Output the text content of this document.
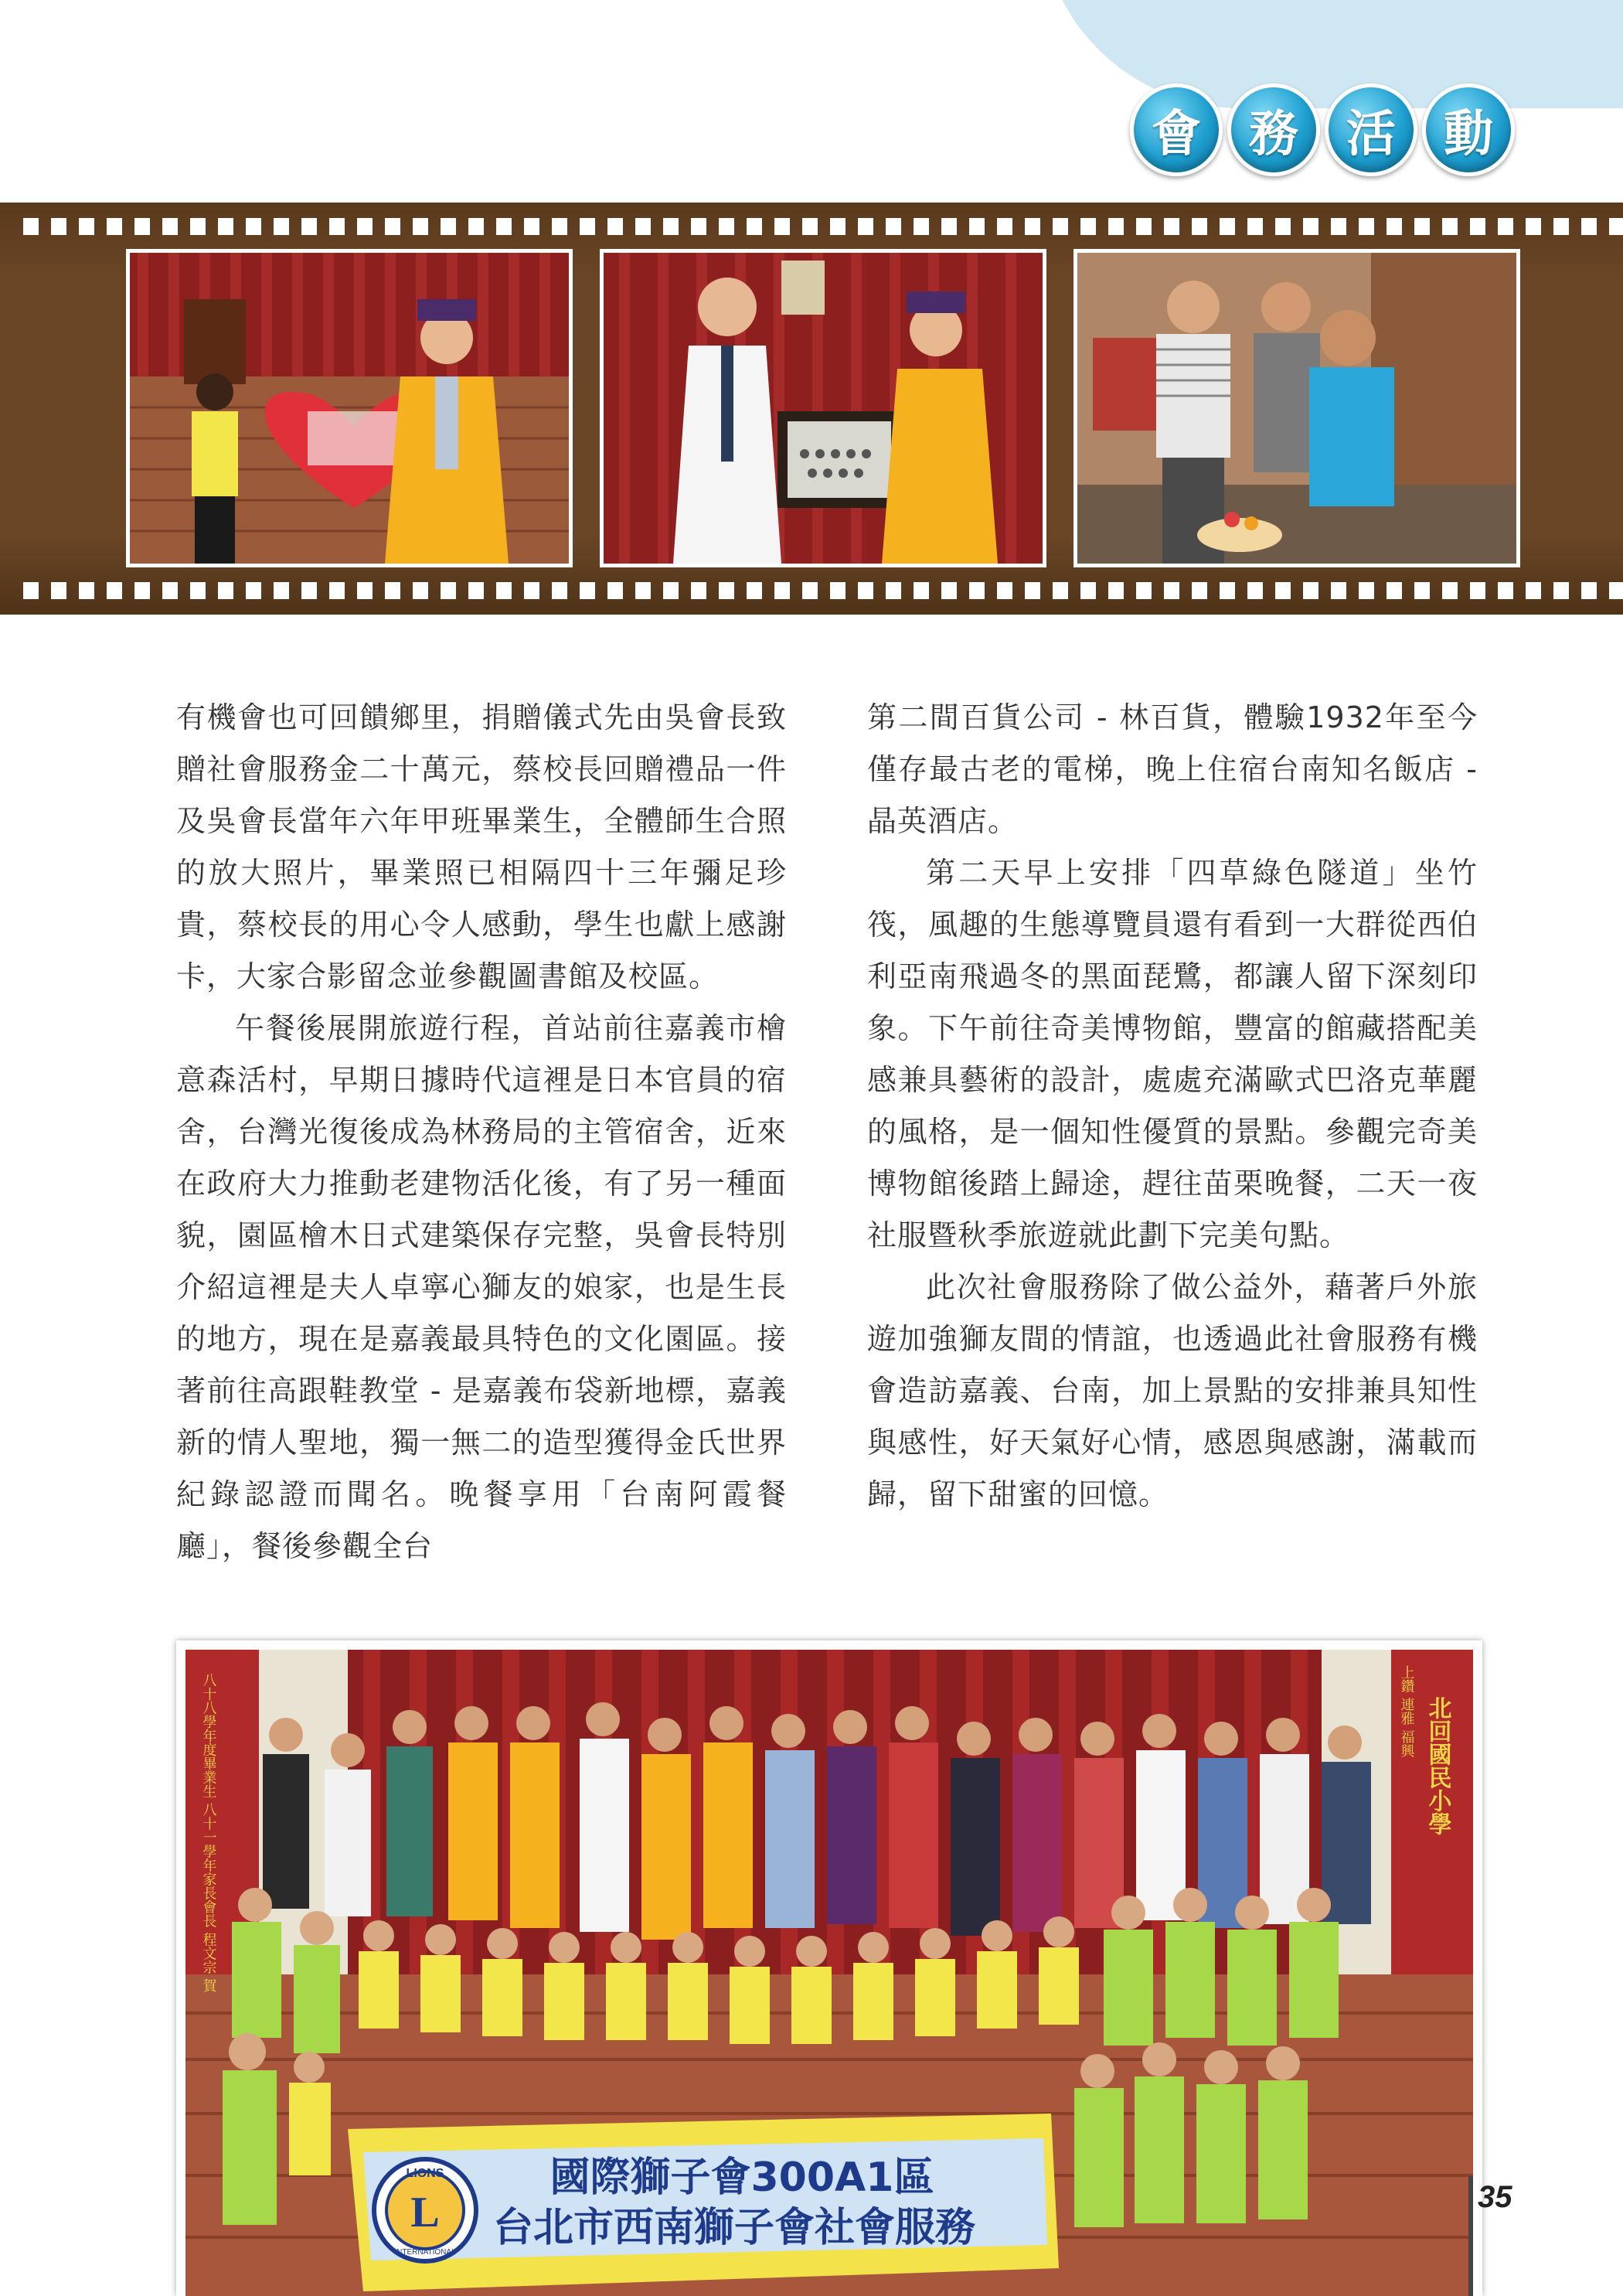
會 務 活 動

有機會也可回饋鄉里，捐贈儀式先由吳會長致贈社會服務金二十萬元，蔡校長回贈禮品一件及吳會長當年六年甲班畢業生，全體師生合照的放大照片，畢業照已相隔四十三年彌足珍貴，蔡校長的用心令人感動，學生也獻上感謝卡，大家合影留念並參觀圖書館及校區。

午餐後展開旅遊行程，首站前往嘉義市檜意森活村，早期日據時代這裡是日本官員的宿舍，台灣光復後成為林務局的主管宿舍，近來在政府大力推動老建物活化後，有了另一種面貌，園區檜木日式建築保存完整，吳會長特別介紹這裡是夫人卓寧心獅友的娘家，也是生長的地方，現在是嘉義最具特色的文化園區。接著前往高跟鞋教堂 - 是嘉義布袋新地標，嘉義新的情人聖地，獨一無二的造型獲得金氏世界紀錄認證而聞名。晚餐享用「台南阿霞餐廳」，餐後參觀全台

第二間百貨公司 - 林百貨，體驗1932年至今僅存最古老的電梯，晚上住宿台南知名飯店 - 晶英酒店。

第二天早上安排「四草綠色隧道」坐竹筏，風趣的生態導覽員還有看到一大群從西伯利亞南飛過冬的黑面琵鷺，都讓人留下深刻印象。下午前往奇美博物館，豐富的館藏搭配美感兼具藝術的設計，處處充滿歐式巴洛克華麗的風格，是一個知性優質的景點。參觀完奇美博物館後踏上歸途，趕往苗栗晚餐，二天一夜社服暨秋季旅遊就此劃下完美句點。

此次社會服務除了做公益外，藉著戶外旅遊加強獅友間的情誼，也透過此社會服務有機會造訪嘉義、台南，加上景點的安排兼具知性與感性，好天氣好心情，感恩與感謝，滿載而歸，留下甜蜜的回憶。

L
LIONS
INTERNATIONAL
國際獅子會300A1區
台北市西南獅子會社會服務
八十八學年度畢業生 八十一學年家長會長 程文宗 賀	北回國民小學
上鑽 連雅 福興
35
